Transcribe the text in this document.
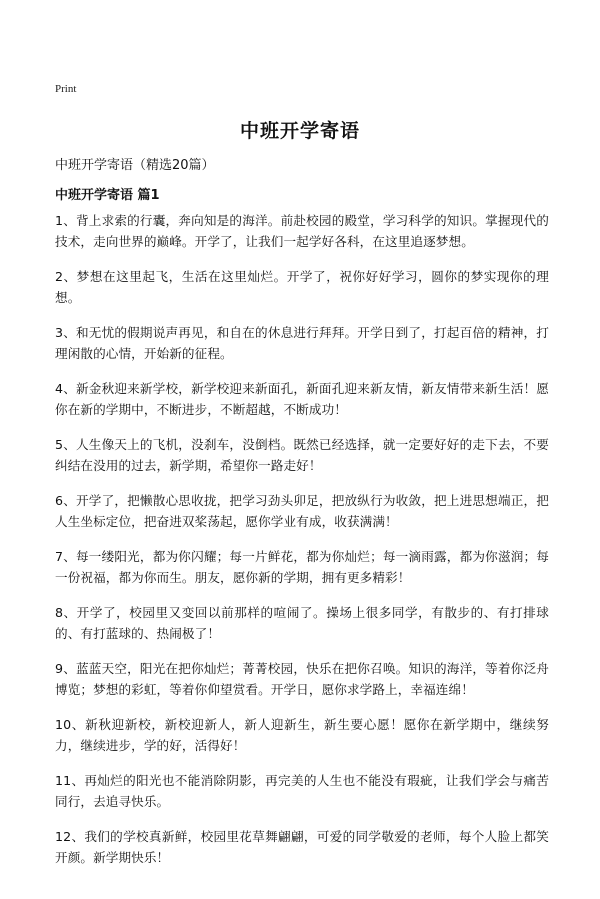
Print
中班开学寄语
中班开学寄语（精选20篇）
中班开学寄语 篇1
1、背上求索的行囊，奔向知是的海洋。前赴校园的殿堂，学习科学的知识。掌握现代的技术，走向世界的巅峰。开学了，让我们一起学好各科，在这里追逐梦想。
2、梦想在这里起飞，生活在这里灿烂。开学了，祝你好好学习，圆你的梦实现你的理想。
3、和无忧的假期说声再见，和自在的休息进行拜拜。开学日到了，打起百倍的精神，打理闲散的心情，开始新的征程。
4、新金秋迎来新学校，新学校迎来新面孔，新面孔迎来新友情，新友情带来新生活！愿你在新的学期中，不断进步，不断超越，不断成功！
5、人生像天上的飞机，没刹车，没倒档。既然已经选择，就一定要好好的走下去，不要纠结在没用的过去，新学期，希望你一路走好！
6、开学了，把懒散心思收拢，把学习劲头卯足，把放纵行为收敛，把上进思想端正，把人生坐标定位，把奋进双桨荡起，愿你学业有成，收获满满！
7、每一缕阳光，都为你闪耀；每一片鲜花，都为你灿烂；每一滴雨露，都为你滋润；每一份祝福，都为你而生。朋友，愿你新的学期，拥有更多精彩！
8、开学了，校园里又变回以前那样的喧闹了。操场上很多同学，有散步的、有打排球的、有打蓝球的、热闹极了！
9、蓝蓝天空，阳光在把你灿烂；菁菁校园，快乐在把你召唤。知识的海洋，等着你泛舟博览；梦想的彩虹，等着你仰望赏看。开学日，愿你求学路上，幸福连绵！
10、新秋迎新校，新校迎新人，新人迎新生，新生要心愿！愿你在新学期中，继续努力，继续进步，学的好，活得好！
11、再灿烂的阳光也不能消除阴影，再完美的人生也不能没有瑕疵，让我们学会与痛苦同行，去追寻快乐。
12、我们的学校真新鲜，校园里花草舞翩翩，可爱的同学敬爱的老师，每个人脸上都笑开颜。新学期快乐！
